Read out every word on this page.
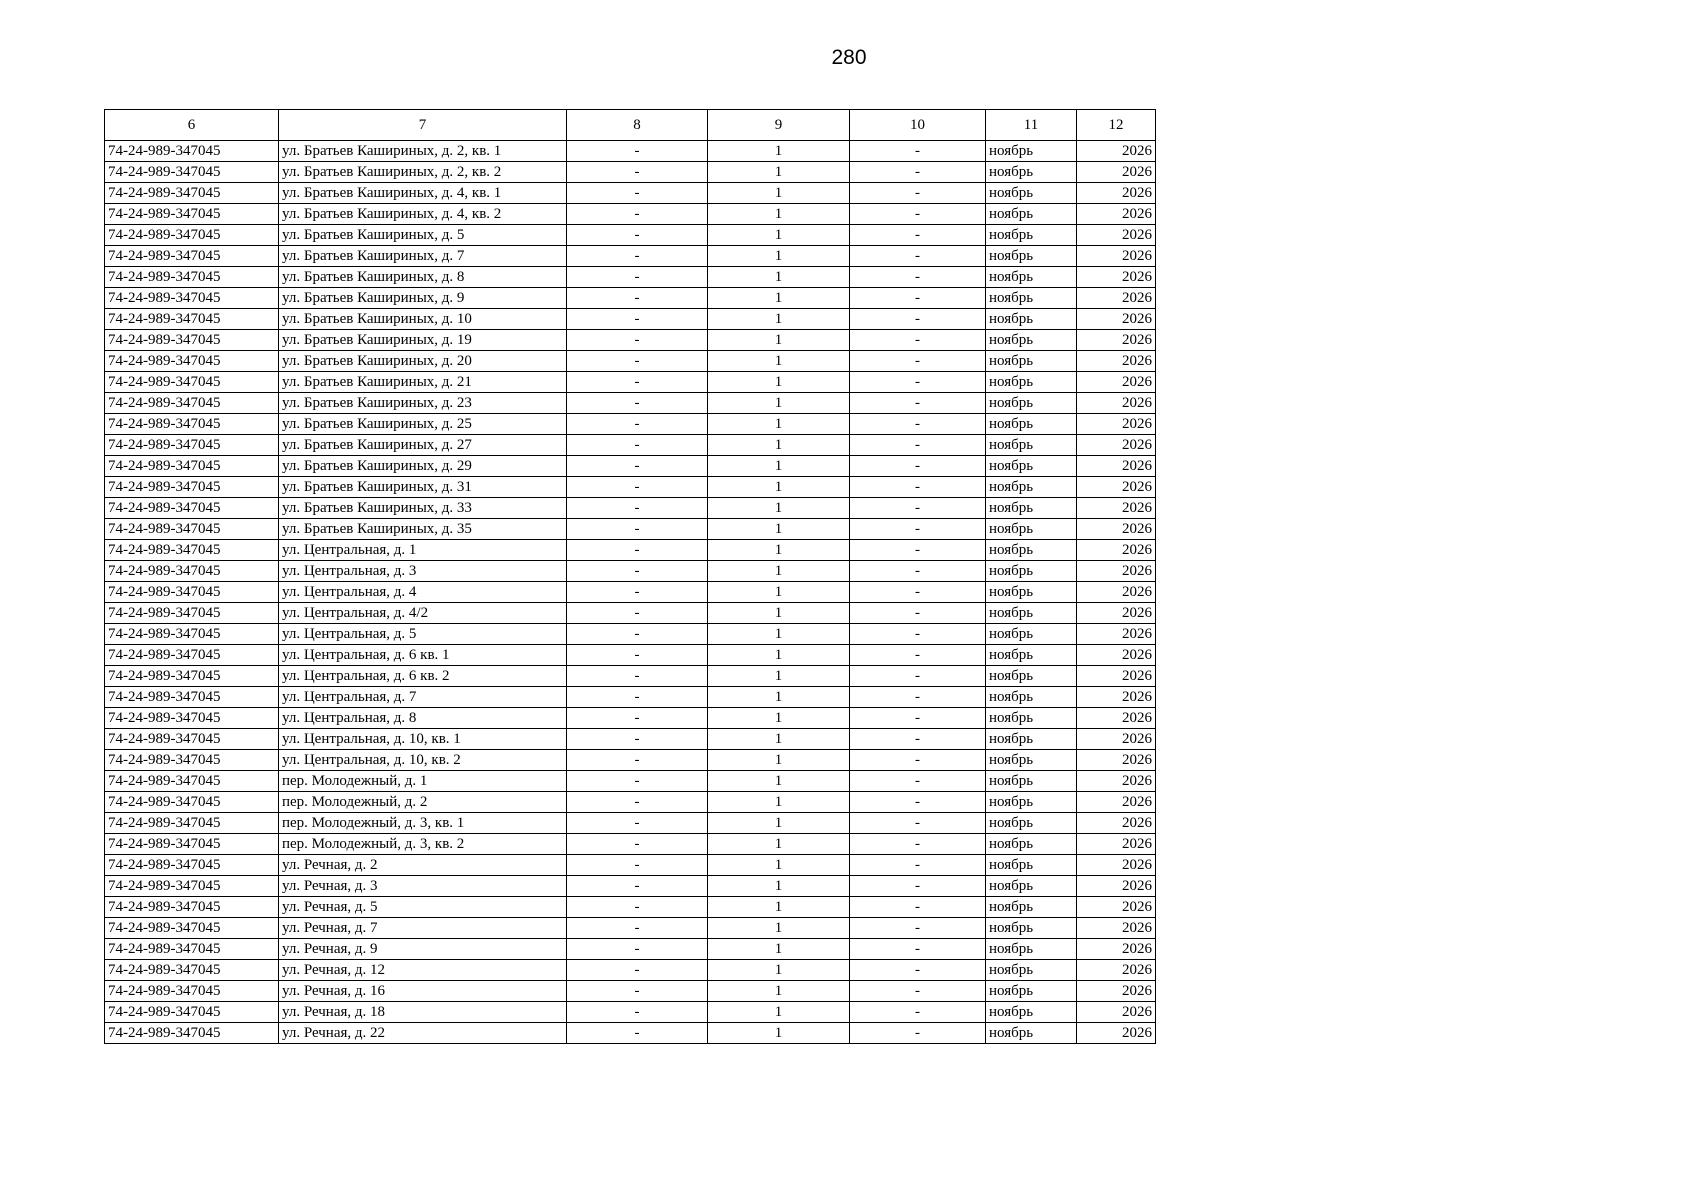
280
6	7	8	9	10	11	12
74-24-989-347045	ул. Братьев Кашириных, д. 2, кв. 1	-	1	-	ноябрь	2026
74-24-989-347045	ул. Братьев Кашириных, д. 2, кв. 2	-	1	-	ноябрь	2026
74-24-989-347045	ул. Братьев Кашириных, д. 4, кв. 1	-	1	-	ноябрь	2026
74-24-989-347045	ул. Братьев Кашириных, д. 4, кв. 2	-	1	-	ноябрь	2026
74-24-989-347045	ул. Братьев Кашириных, д. 5	-	1	-	ноябрь	2026
74-24-989-347045	ул. Братьев Кашириных, д. 7	-	1	-	ноябрь	2026
74-24-989-347045	ул. Братьев Кашириных, д. 8	-	1	-	ноябрь	2026
74-24-989-347045	ул. Братьев Кашириных, д. 9	-	1	-	ноябрь	2026
74-24-989-347045	ул. Братьев Кашириных, д. 10	-	1	-	ноябрь	2026
74-24-989-347045	ул. Братьев Кашириных, д. 19	-	1	-	ноябрь	2026
74-24-989-347045	ул. Братьев Кашириных, д. 20	-	1	-	ноябрь	2026
74-24-989-347045	ул. Братьев Кашириных, д. 21	-	1	-	ноябрь	2026
74-24-989-347045	ул. Братьев Кашириных, д. 23	-	1	-	ноябрь	2026
74-24-989-347045	ул. Братьев Кашириных, д. 25	-	1	-	ноябрь	2026
74-24-989-347045	ул. Братьев Кашириных, д. 27	-	1	-	ноябрь	2026
74-24-989-347045	ул. Братьев Кашириных, д. 29	-	1	-	ноябрь	2026
74-24-989-347045	ул. Братьев Кашириных, д. 31	-	1	-	ноябрь	2026
74-24-989-347045	ул. Братьев Кашириных, д. 33	-	1	-	ноябрь	2026
74-24-989-347045	ул. Братьев Кашириных, д. 35	-	1	-	ноябрь	2026
74-24-989-347045	ул. Центральная, д. 1	-	1	-	ноябрь	2026
74-24-989-347045	ул. Центральная, д. 3	-	1	-	ноябрь	2026
74-24-989-347045	ул. Центральная, д. 4	-	1	-	ноябрь	2026
74-24-989-347045	ул. Центральная, д. 4/2	-	1	-	ноябрь	2026
74-24-989-347045	ул. Центральная, д. 5	-	1	-	ноябрь	2026
74-24-989-347045	ул. Центральная, д. 6 кв. 1	-	1	-	ноябрь	2026
74-24-989-347045	ул. Центральная, д. 6 кв. 2	-	1	-	ноябрь	2026
74-24-989-347045	ул. Центральная, д. 7	-	1	-	ноябрь	2026
74-24-989-347045	ул. Центральная, д. 8	-	1	-	ноябрь	2026
74-24-989-347045	ул. Центральная, д. 10, кв. 1	-	1	-	ноябрь	2026
74-24-989-347045	ул. Центральная, д. 10, кв. 2	-	1	-	ноябрь	2026
74-24-989-347045	пер. Молодежный, д. 1	-	1	-	ноябрь	2026
74-24-989-347045	пер. Молодежный, д. 2	-	1	-	ноябрь	2026
74-24-989-347045	пер. Молодежный, д. 3, кв. 1	-	1	-	ноябрь	2026
74-24-989-347045	пер. Молодежный, д. 3, кв. 2	-	1	-	ноябрь	2026
74-24-989-347045	ул. Речная, д. 2	-	1	-	ноябрь	2026
74-24-989-347045	ул. Речная, д. 3	-	1	-	ноябрь	2026
74-24-989-347045	ул. Речная, д. 5	-	1	-	ноябрь	2026
74-24-989-347045	ул. Речная, д. 7	-	1	-	ноябрь	2026
74-24-989-347045	ул. Речная, д. 9	-	1	-	ноябрь	2026
74-24-989-347045	ул. Речная, д. 12	-	1	-	ноябрь	2026
74-24-989-347045	ул. Речная, д. 16	-	1	-	ноябрь	2026
74-24-989-347045	ул. Речная, д. 18	-	1	-	ноябрь	2026
74-24-989-347045	ул. Речная, д. 22	-	1	-	ноябрь	2026
